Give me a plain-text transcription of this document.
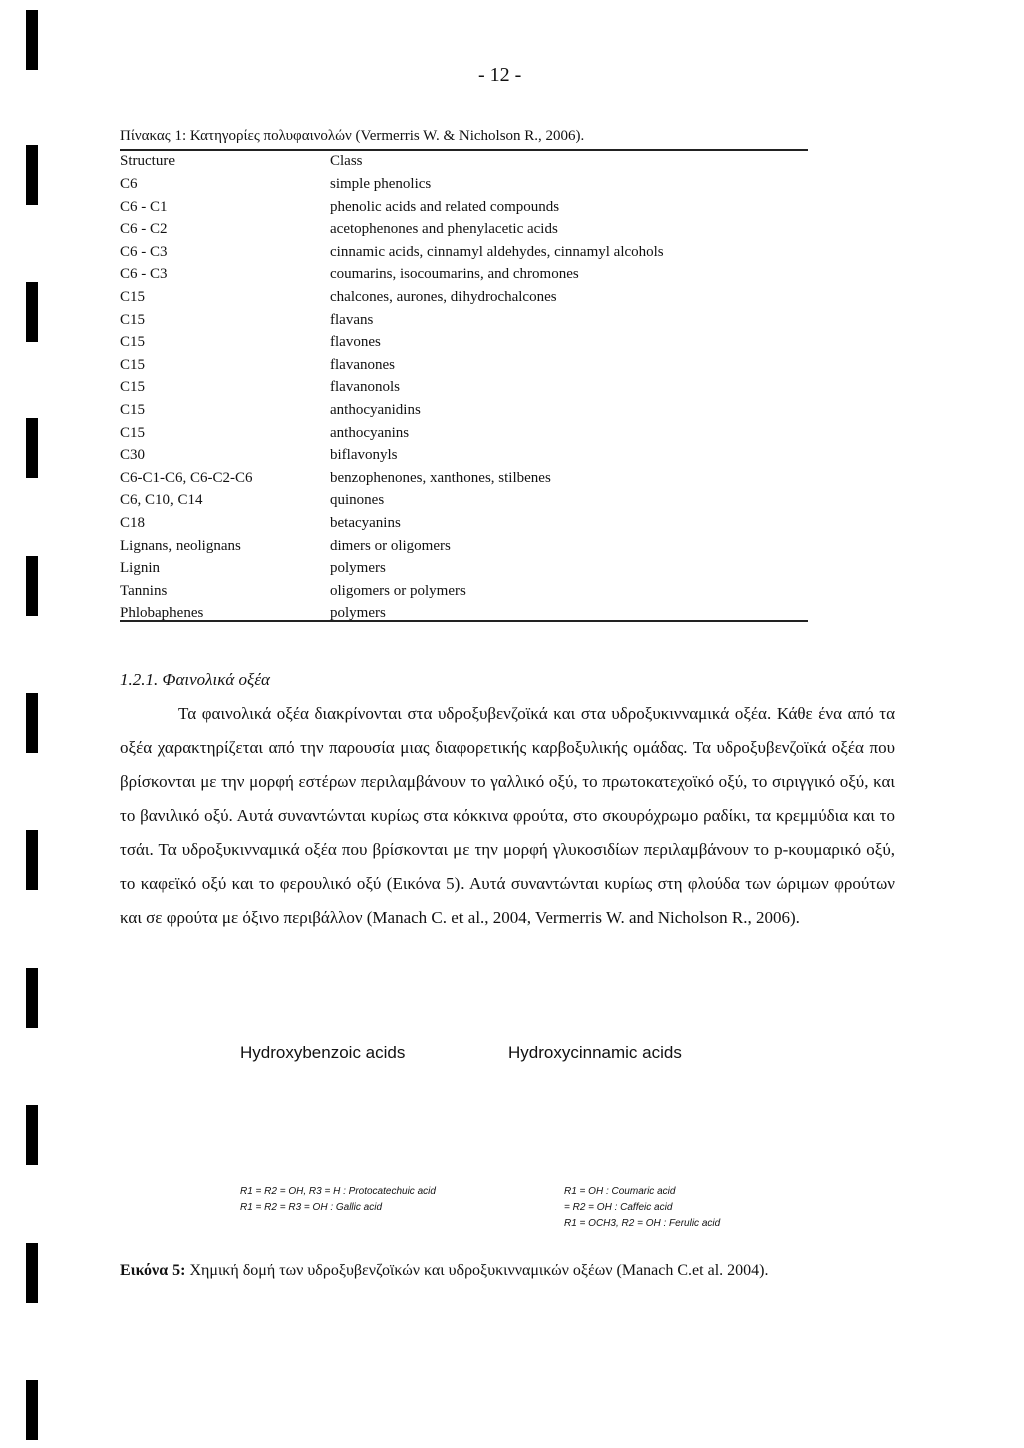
- 12 -
Πίνακας 1: Κατηγορίες πολυφαινολών (Vermerris W. & Nicholson R., 2006).
Structure	Class
C6	simple phenolics
C6 - C1	phenolic acids and related compounds
C6 - C2	acetophenones and phenylacetic acids
C6 - C3	cinnamic acids, cinnamyl aldehydes, cinnamyl alcohols
C6 - C3	coumarins, isocoumarins, and chromones
C15	chalcones, aurones, dihydrochalcones
C15	flavans
C15	flavones
C15	flavanones
C15	flavanonols
C15	anthocyanidins
C15	anthocyanins
C30	biflavonyls
C6-C1-C6, C6-C2-C6	benzophenones, xanthones, stilbenes
C6, C10, C14	quinones
C18	betacyanins
Lignans, neolignans	dimers or oligomers
Lignin	polymers
Tannins	oligomers or polymers
Phlobaphenes	polymers
1.2.1. Φαινολικά οξέα
Τα φαινολικά οξέα διακρίνονται στα υδροξυβενζοϊκά και στα υδροξυκινναμικά οξέα. Κάθε ένα από τα οξέα χαρακτηρίζεται από την παρουσία μιας διαφορετικής καρβοξυλικής ομάδας. Τα υδροξυβενζοϊκά οξέα που βρίσκονται με την μορφή εστέρων περιλαμβάνουν το γαλλικό οξύ, το πρωτοκατεχοϊκό οξύ, το σιριγγικό οξύ, και το βανιλικό οξύ. Αυτά συναντώνται κυρίως στα κόκκινα φρούτα, στο σκουρόχρωμο ραδίκι, τα κρεμμύδια και το τσάι. Τα υδροξυκινναμικά οξέα που βρίσκονται με την μορφή γλυκοσιδίων περιλαμβάνουν το p-κουμαρικό οξύ, το καφεϊκό οξύ και το φερουλικό οξύ (Εικόνα 5). Αυτά συναντώνται κυρίως στη φλούδα των ώριμων φρούτων και σε φρούτα με όξινο περιβάλλον (Manach C. et al., 2004, Vermerris W. and Nicholson R., 2006).
Hydroxybenzoic acids	Hydroxycinnamic acids
R1 = R2 = OH, R3 = H : Protocatechuic acid
R1 = R2 = R3 = OH : Gallic acid
R1 = OH : Coumaric acid
= R2 = OH : Caffeic acid
R1 = OCH3, R2 = OH : Ferulic acid
Εικόνα 5: Χημική δομή των υδροξυβενζοϊκών και υδροξυκινναμικών οξέων (Manach C.et al. 2004).
